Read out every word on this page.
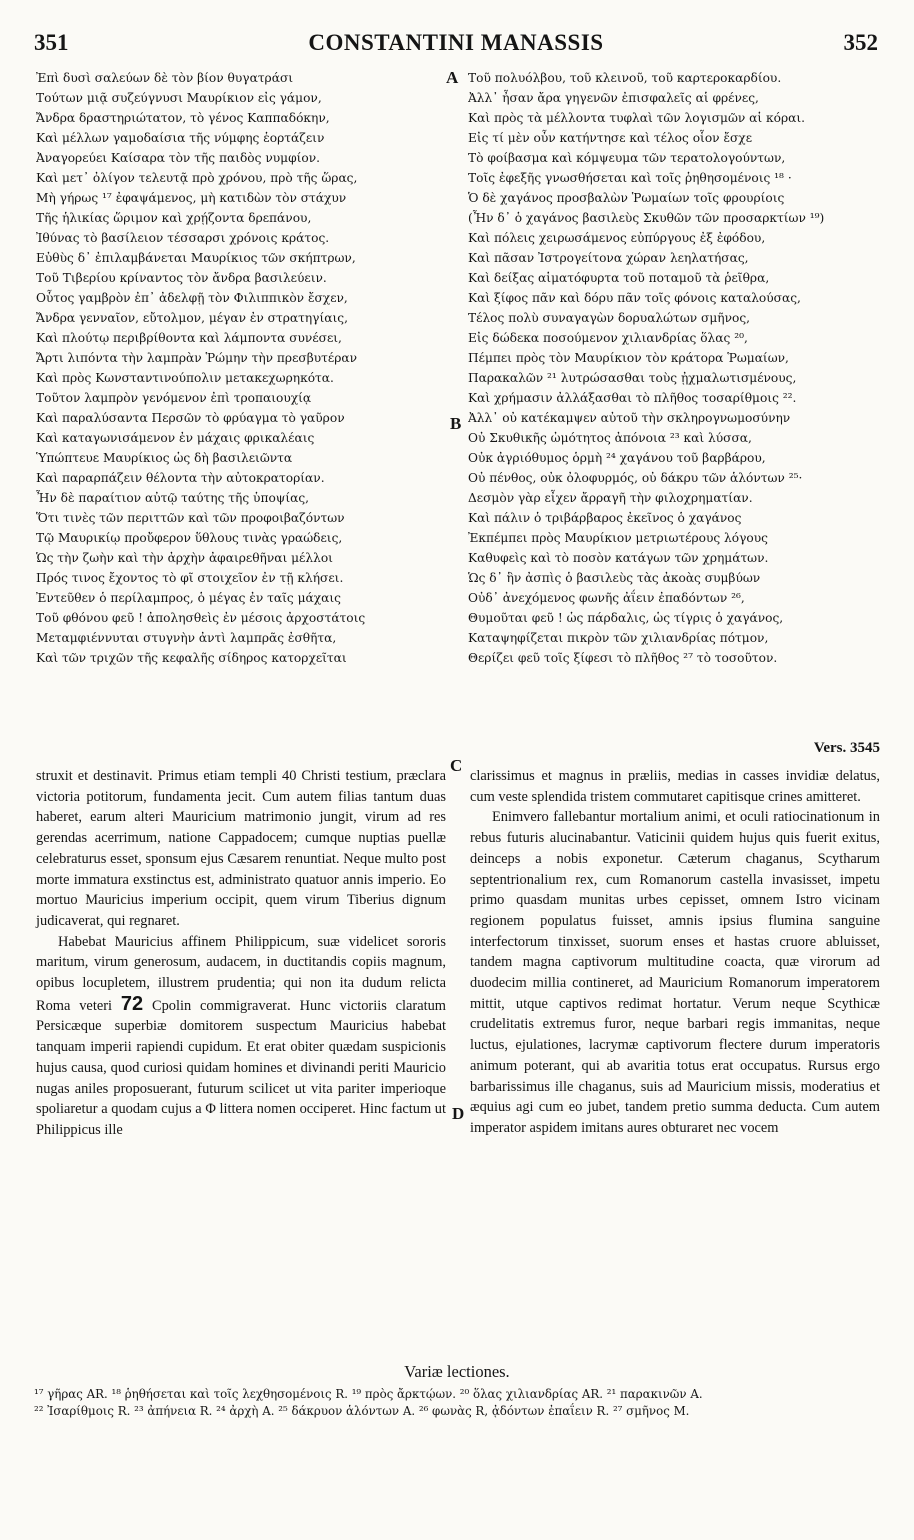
351	CONSTANTINI MANASSIS	352
Ἐπὶ δυσὶ σαλεύων δὲ τὸν βίον θυγατράσι
Τούτων μιᾷ συζεύγνυσι Μαυρίκιον εἰς γάμον,
Ἄνδρα δραστηριώτατον, τὸ γένος Καππαδόκην,
Καὶ μέλλων γαμοδαίσια τῆς νύμφης ἑορτάζειν
Ἀναγορεύει Καίσαρα τὸν τῆς παιδὸς νυμφίον.
Καὶ μετ᾽ ὀλίγον τελευτᾷ πρὸ χρόνου, πρὸ τῆς ὥρας,
Μὴ γήρως ¹⁷ ἐφαψάμενος, μὴ κατιδὼν τὸν στάχυν
Τῆς ἡλικίας ὥριμον καὶ χρῄζοντα δρεπάνου,
Ἰθύνας τὸ βασίλειον τέσσαρσι χρόνοις κράτος.
Εὐθὺς δ᾽ ἐπιλαμβάνεται Μαυρίκιος τῶν σκήπτρων,
Τοῦ Τιβερίου κρίναντος τὸν ἄνδρα βασιλεύειν.
Οὗτος γαμβρὸν ἐπ᾽ ἀδελφῇ τὸν Φιλιππικὸν ἔσχεν,
Ἄνδρα γενναῖον, εὔτολμον, μέγαν ἐν στρατηγίαις,
Καὶ πλούτῳ περιβρίθοντα καὶ λάμποντα συνέσει,
Ἄρτι λιπόντα τὴν λαμπρὰν Ῥώμην τὴν πρεσβυτέραν
Καὶ πρὸς Κωνσταντινούπολιν μετακεχωρηκότα.
Τοῦτον λαμπρὸν γενόμενον ἐπὶ τροπαιουχίᾳ
Καὶ παραλύσαντα Περσῶν τὸ φρύαγμα τὸ γαῦρον
Καὶ καταγωνισάμενον ἐν μάχαις φρικαλέαις
Ὑπώπτευε Μαυρίκιος ὡς δὴ βασιλειῶντα
Καὶ παραρπάζειν θέλοντα τὴν αὐτοκρατορίαν.
Ἦν δὲ παραίτιον αὐτῷ ταύτης τῆς ὑποψίας,
Ὅτι τινὲς τῶν περιττῶν καὶ τῶν προφοιβαζόντων
Τῷ Μαυρικίῳ προὔφερον ὕθλους τινὰς γραώδεις,
Ὡς τὴν ζωὴν καὶ τὴν ἀρχὴν ἀφαιρεθῆναι μέλλοι
Πρός τινος ἔχοντος τὸ φῖ στοιχεῖον ἐν τῇ κλήσει.
Ἐντεῦθεν ὁ περίλαμπρος, ὁ μέγας ἐν ταῖς μάχαις
Τοῦ φθόνου φεῦ ! ἀπολησθεὶς ἐν μέσοις ἀρχοστάτοις
Μεταμφιέννυται στυγνὴν ἀντὶ λαμπρᾶς ἐσθῆτα,
Καὶ τῶν τριχῶν τῆς κεφαλῆς σίδηρος κατορχεῖται
Τοῦ πολυόλβου, τοῦ κλεινοῦ, τοῦ καρτεροκαρδίου.
Ἀλλ᾽ ἦσαν ἄρα γηγενῶν ἐπισφαλεῖς αἱ φρένες,
Καὶ πρὸς τὰ μέλλοντα τυφλαὶ τῶν λογισμῶν αἱ κόραι.
Εἰς τί μὲν οὖν κατήντησε καὶ τέλος οἷον ἔσχε
Τὸ φοίβασμα καὶ κόμψευμα τῶν τερατολογούντων,
Τοῖς ἐφεξῆς γνωσθήσεται καὶ τοῖς ῥηθησομένοις ¹⁸ ·
Ὁ δὲ χαγάνος προσβαλὼν Ῥωμαίων τοῖς φρουρίοις
(Ἦν δ᾽ ὁ χαγάνος βασιλεὺς Σκυθῶν τῶν προσαρκτίων ¹⁹)
Καὶ πόλεις χειρωσάμενος εὐπύργους ἐξ ἐφόδου,
Καὶ πᾶσαν Ἰστρογείτονα χώραν λεηλατήσας,
Καὶ δείξας αἱματόφυρτα τοῦ ποταμοῦ τὰ ῥεῖθρα,
Καὶ ξίφος πᾶν καὶ δόρυ πᾶν τοῖς φόνοις καταλούσας,
Τέλος πολὺ συναγαγὼν δορυαλώτων σμῆνος,
Εἰς δώδεκα ποσούμενον χιλιανδρίας ὅλας ²⁰,
Πέμπει πρὸς τὸν Μαυρίκιον τὸν κράτορα Ῥωμαίων,
Παρακαλῶν ²¹ λυτρώσασθαι τοὺς ᾐχμαλωτισμένους,
Καὶ χρήμασιν ἀλλάξασθαι τὸ πλῆθος τοσαρίθμοις ²².
Ἀλλ᾽ οὐ κατέκαμψεν αὐτοῦ τὴν σκληρογνωμοσύνην
Οὐ Σκυθικῆς ὠμότητος ἀπόνοια ²³ καὶ λύσσα,
Οὐκ ἀγριόθυμος ὁρμὴ ²⁴ χαγάνου τοῦ βαρβάρου,
Οὐ πένθος, οὐκ ὀλοφυρμός, οὐ δάκρυ τῶν ἁλόντων ²⁵·
Δεσμὸν γὰρ εἶχεν ἄρραγῆ τὴν φιλοχρηματίαν.
Καὶ πάλιν ὁ τριβάρβαρος ἐκεῖνος ὁ χαγάνος
Ἐκπέμπει πρὸς Μαυρίκιον μετριωτέρους λόγους
Καθυφεὶς καὶ τὸ ποσὸν κατάγων τῶν χρημάτων.
Ὡς δ᾽ ἣν ἀσπὶς ὁ βασιλεὺς τὰς ἀκοὰς συμβύων
Οὐδ᾽ ἀνεχόμενος φωνῆς ἀΐειν ἐπαδόντων ²⁶,
Θυμοῦται φεῦ ! ὡς πάρδαλις, ὡς τίγρις ὁ χαγάνος,
Καταψηφίζεται πικρὸν τῶν χιλιανδρίας πότμον,
Θερίζει φεῦ τοῖς ξίφεσι τὸ πλῆθος ²⁷ τὸ τοσοῦτον.
A
B
C
D
Vers. 3545

struxit et destinavit. Primus etiam templi 40 Christi testium, præclara victoria potitorum, fundamenta jecit. Cum autem filias tantum duas haberet, earum alteri Mauricium matrimonio jungit, virum ad res gerendas acerrimum, natione Cappadocem; cumque nuptias puellæ celebraturus esset, sponsum ejus Cæsarem renuntiat. Neque multo post morte immatura exstinctus est, administrato quatuor annis imperio. Eo mortuo Mauricius imperium occipit, quem virum Tiberius dignum judicaverat, qui regnaret.

Habebat Mauricius affinem Philippicum, suæ videlicet sororis maritum, virum generosum, audacem, in ductitandis copiis magnum, opibus locupletem, illustrem prudentia; qui non ita dudum relicta Roma veteri 72 Cpolin commigraverat. Hunc victoriis claratum Persicæque superbiæ domitorem suspectum Mauricius habebat tanquam imperii rapiendi cupidum. Et erat obiter quædam suspicionis hujus causa, quod curiosi quidam homines et divinandi periti Mauricio nugas aniles proposuerant, futurum scilicet ut vita pariter imperioque spoliaretur a quodam cujus a Φ littera nomen occiperet. Hinc factum ut Philippicus ille

clarissimus et magnus in præliis, medias in casses invidiæ delatus, cum veste splendida tristem commutaret capitisque crines amitteret.

Enimvero fallebantur mortalium animi, et oculi ratiocinationum in rebus futuris alucinabantur. Vaticinii quidem hujus quis fuerit exitus, deinceps a nobis exponetur. Cæterum chaganus, Scytharum septentrionalium rex, cum Romanorum castella invasisset, impetu primo quasdam munitas urbes cepisset, omnem Istro vicinam regionem populatus fuisset, amnis ipsius flumina sanguine interfectorum tinxisset, suorum enses et hastas cruore abluisset, tandem magna captivorum multitudine coacta, quæ virorum ad duodecim millia contineret, ad Mauricium Romanorum imperatorem mittit, utque captivos redimat hortatur. Verum neque Scythicæ crudelitatis extremus furor, neque barbari regis immanitas, neque luctus, ejulationes, lacrymæ captivorum flectere durum imperatoris animum poterant, qui ab avaritia totus erat occupatus. Rursus ergo barbarissimus ille chaganus, suis ad Mauricium missis, moderatius et æquius agi cum eo jubet, tandem pretio summa deducta. Cum autem imperator aspidem imitans aures obturaret nec vocem

Variæ lectiones.
¹⁷ γῆρας AR. ¹⁸ ῥηθήσεται καὶ τοῖς λεχθησομένοις R. ¹⁹ πρὸς ἄρκτῴων. ²⁰ ὅλας χιλιανδρίας AR. ²¹ παρακινῶν A.
²² Ἰσαρίθμοις R. ²³ ἀπήνεια R. ²⁴ ἀρχὴ A. ²⁵ δάκρυον ἁλόντων A. ²⁶ φωνὰς R, ᾀδόντων ἐπαΐειν R. ²⁷ σμῆνος M.
